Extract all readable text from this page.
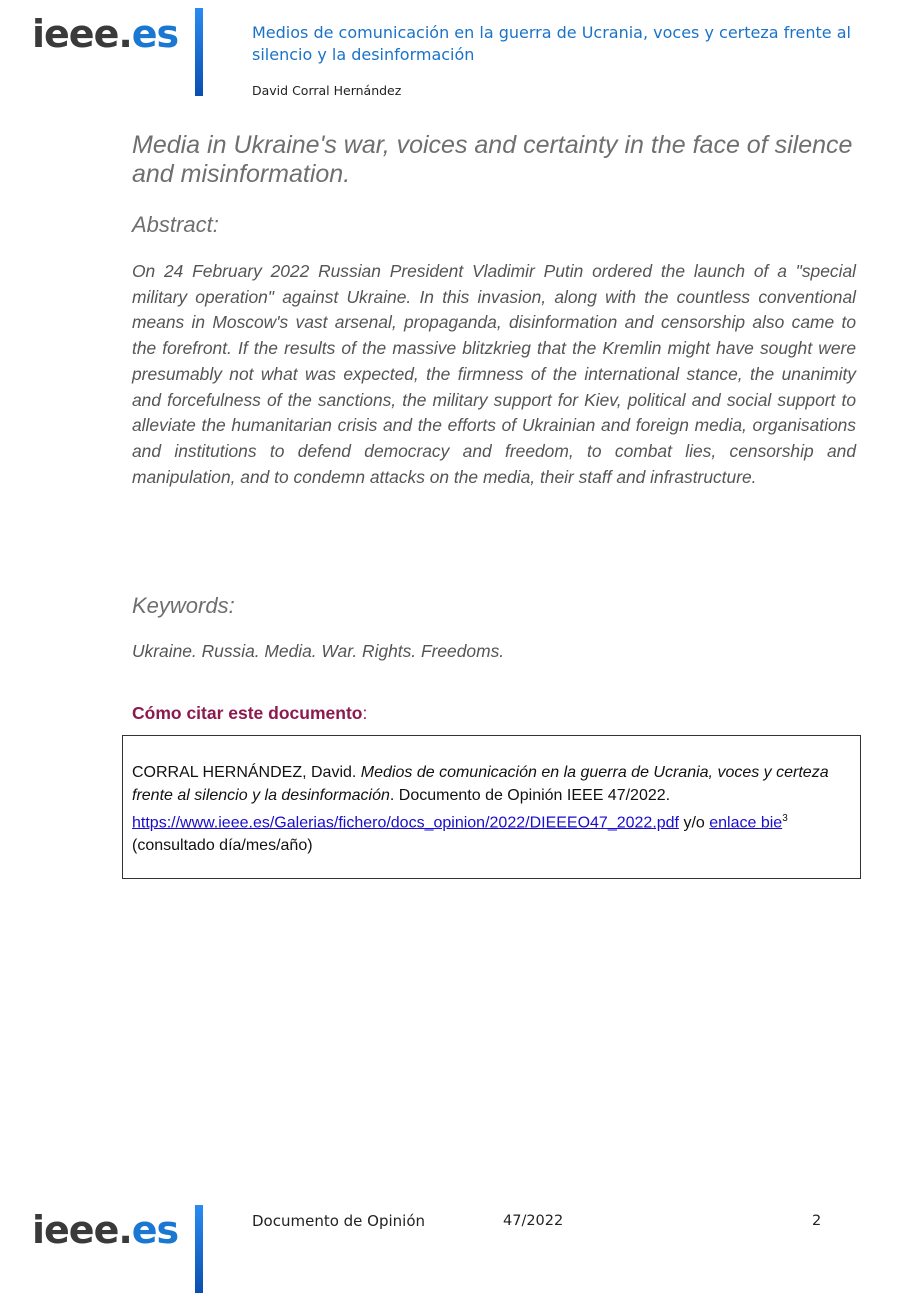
ieee.es	Medios de comunicación en la guerra de Ucrania, voces y certeza frente al silencio y la desinformación
David Corral Hernández
Media in Ukraine's war, voices and certainty in the face of silence and misinformation.
Abstract:

On 24 February 2022 Russian President Vladimir Putin ordered the launch of a "special military operation" against Ukraine. In this invasion, along with the countless conventional means in Moscow's vast arsenal, propaganda, disinformation and censorship also came to the forefront. If the results of the massive blitzkrieg that the Kremlin might have sought were presumably not what was expected, the firmness of the international stance, the unanimity and forcefulness of the sanctions, the military support for Kiev, political and social support to alleviate the humanitarian crisis and the efforts of Ukrainian and foreign media, organisations and institutions to defend democracy and freedom, to combat lies, censorship and manipulation, and to condemn attacks on the media, their staff and infrastructure.

Keywords:
Ukraine. Russia. Media. War. Rights. Freedoms.
Cómo citar este documento:

CORRAL HERNÁNDEZ, David. Medios de comunicación en la guerra de Ucrania, voces y certeza frente al silencio y la desinformación. Documento de Opinión IEEE 47/2022.
https://www.ieee.es/Galerias/fichero/docs_opinion/2022/DIEEEO47_2022.pdf y/o enlace bie$^3$
(consultado día/mes/año)

ieee.es	Documento de Opinión	47/2022	2
